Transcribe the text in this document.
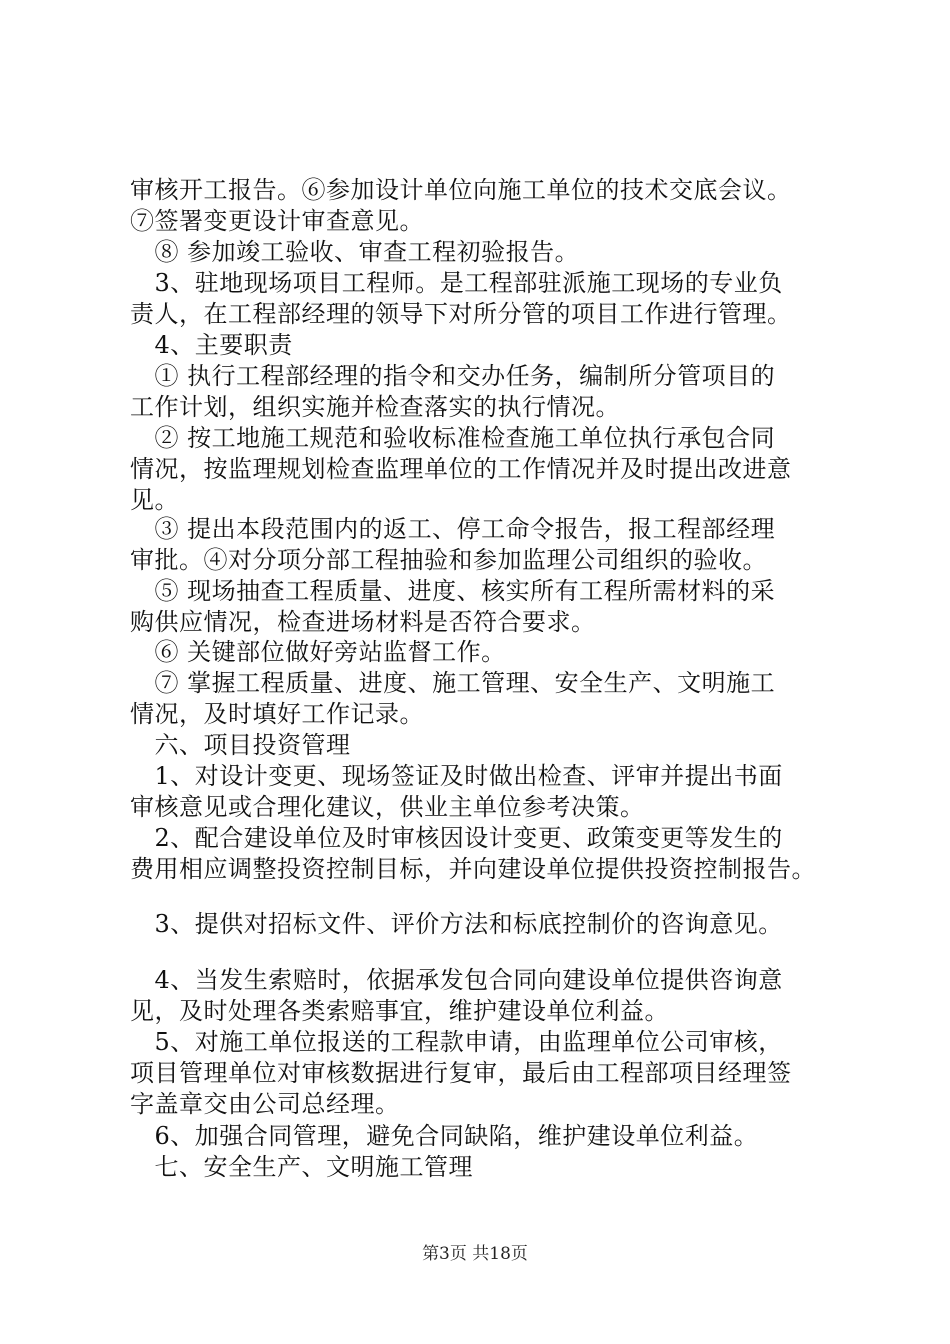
审核开工报告。⑥参加设计单位向施工单位的技术交底会议。
⑦签署变更设计审查意见。
　⑧ 参加竣工验收、审查工程初验报告。
　3、驻地现场项目工程师。是工程部驻派施工现场的专业负
责人，在工程部经理的领导下对所分管的项目工作进行管理。
　4、主要职责
　① 执行工程部经理的指令和交办任务，编制所分管项目的
工作计划，组织实施并检查落实的执行情况。
　② 按工地施工规范和验收标准检查施工单位执行承包合同
情况，按监理规划检查监理单位的工作情况并及时提出改进意
见。
　③ 提出本段范围内的返工、停工命令报告，报工程部经理
审批。④对分项分部工程抽验和参加监理公司组织的验收。
　⑤ 现场抽查工程质量、进度、核实所有工程所需材料的采
购供应情况，检查进场材料是否符合要求。
　⑥ 关键部位做好旁站监督工作。
　⑦ 掌握工程质量、进度、施工管理、安全生产、文明施工
情况，及时填好工作记录。
　六、项目投资管理
　1、对设计变更、现场签证及时做出检查、评审并提出书面
审核意见或合理化建议，供业主单位参考决策。
　2、配合建设单位及时审核因设计变更、政策变更等发生的
费用相应调整投资控制目标，并向建设单位提供投资控制报告。
　3、提供对招标文件、评价方法和标底控制价的咨询意见。
　4、当发生索赔时，依据承发包合同向建设单位提供咨询意
见，及时处理各类索赔事宜，维护建设单位利益。
　5、对施工单位报送的工程款申请，由监理单位公司审核，
项目管理单位对审核数据进行复审，最后由工程部项目经理签
字盖章交由公司总经理。
　6、加强合同管理，避免合同缺陷，维护建设单位利益。
　七、安全生产、文明施工管理
第3页 共18页
